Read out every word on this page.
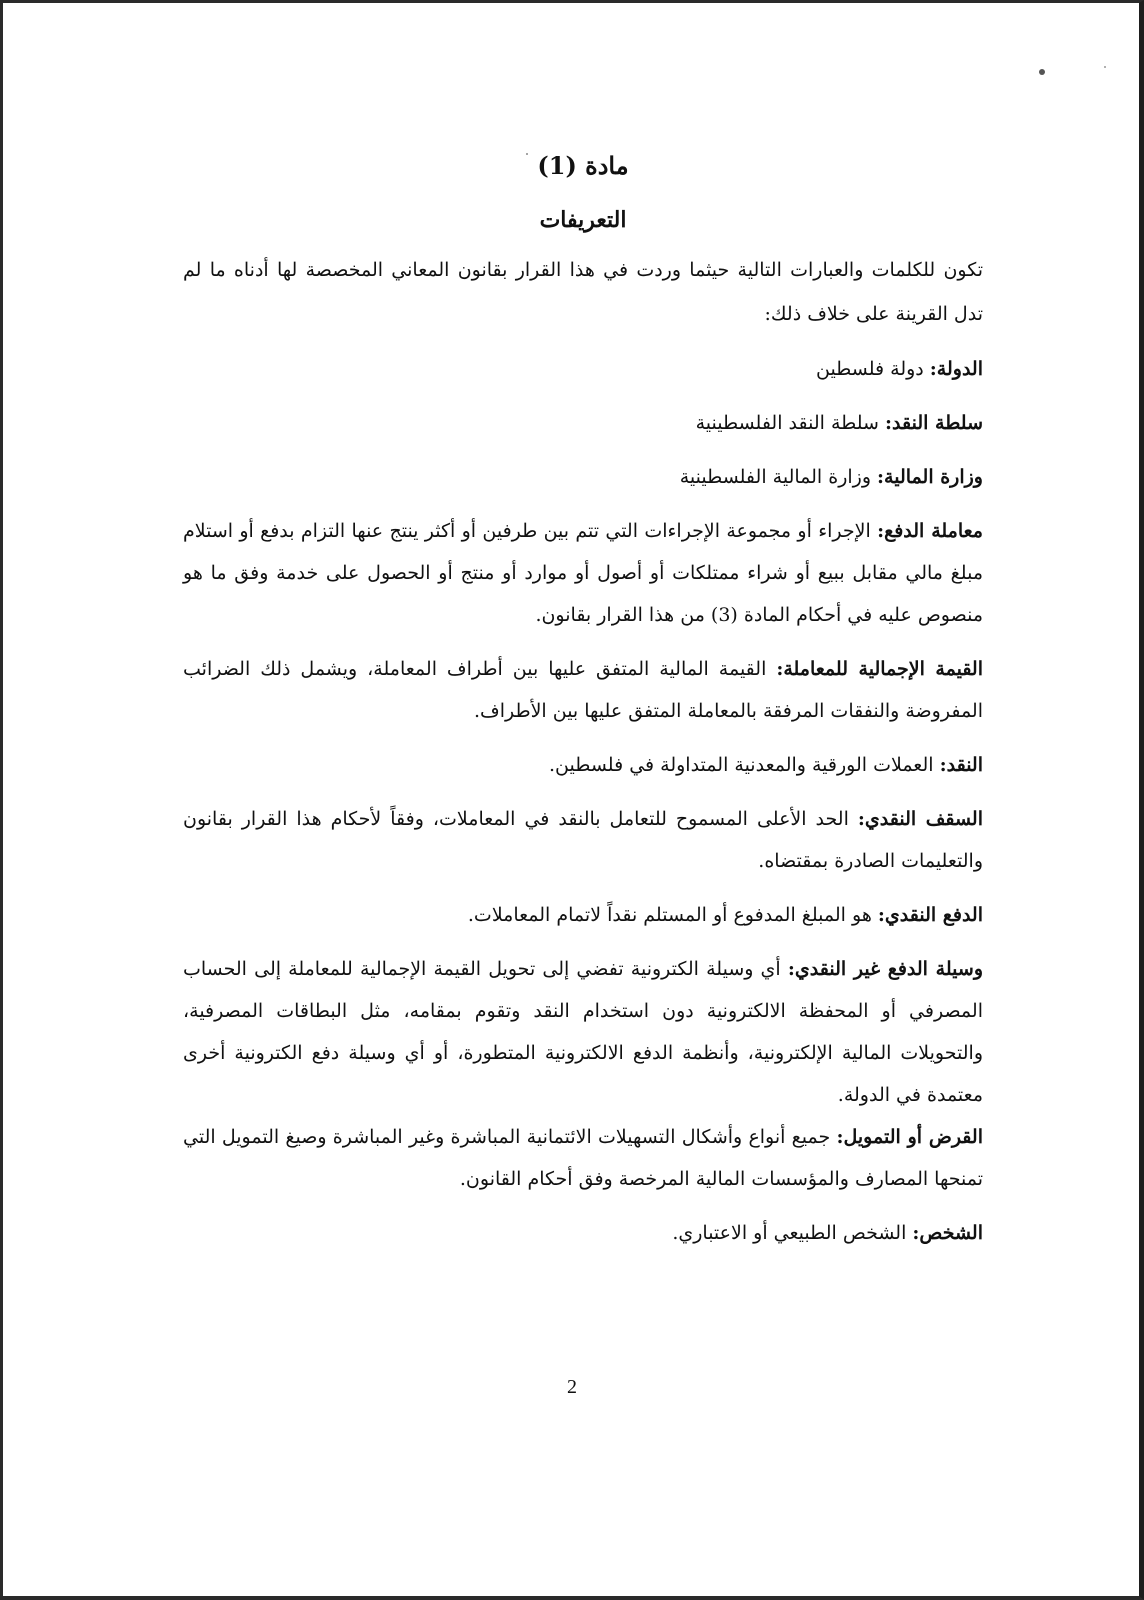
مادة (1)
التعريفات

تكون للكلمات والعبارات التالية حيثما وردت في هذا القرار بقانون المعاني المخصصة لها أدناه ما لم تدل القرينة على خلاف ذلك:

الدولة: دولة فلسطين

سلطة النقد: سلطة النقد الفلسطينية

وزارة المالية: وزارة المالية الفلسطينية

معاملة الدفع: الإجراء أو مجموعة الإجراءات التي تتم بين طرفين أو أكثر ينتج عنها التزام بدفع أو استلام مبلغ مالي مقابل ببيع أو شراء ممتلكات أو أصول أو موارد أو منتج أو الحصول على خدمة وفق ما هو منصوص عليه في أحكام المادة (3) من هذا القرار بقانون.

القيمة الإجمالية للمعاملة: القيمة المالية المتفق عليها بين أطراف المعاملة، ويشمل ذلك الضرائب المفروضة والنفقات المرفقة بالمعاملة المتفق عليها بين الأطراف.

النقد: العملات الورقية والمعدنية المتداولة في فلسطين.

السقف النقدي: الحد الأعلى المسموح للتعامل بالنقد في المعاملات، وفقاً لأحكام هذا القرار بقانون والتعليمات الصادرة بمقتضاه.

الدفع النقدي: هو المبلغ المدفوع أو المستلم نقداً لاتمام المعاملات.

وسيلة الدفع غير النقدي: أي وسيلة الكترونية تفضي إلى تحويل القيمة الإجمالية للمعاملة إلى الحساب المصرفي أو المحفظة الالكترونية دون استخدام النقد وتقوم بمقامه، مثل البطاقات المصرفية، والتحويلات المالية الإلكترونية، وأنظمة الدفع الالكترونية المتطورة، أو أي وسيلة دفع الكترونية أخرى معتمدة في الدولة.

القرض أو التمويل: جميع أنواع وأشكال التسهيلات الائتمانية المباشرة وغير المباشرة وصيغ التمويل التي تمنحها المصارف والمؤسسات المالية المرخصة وفق أحكام القانون.

الشخص: الشخص الطبيعي أو الاعتباري.

2
